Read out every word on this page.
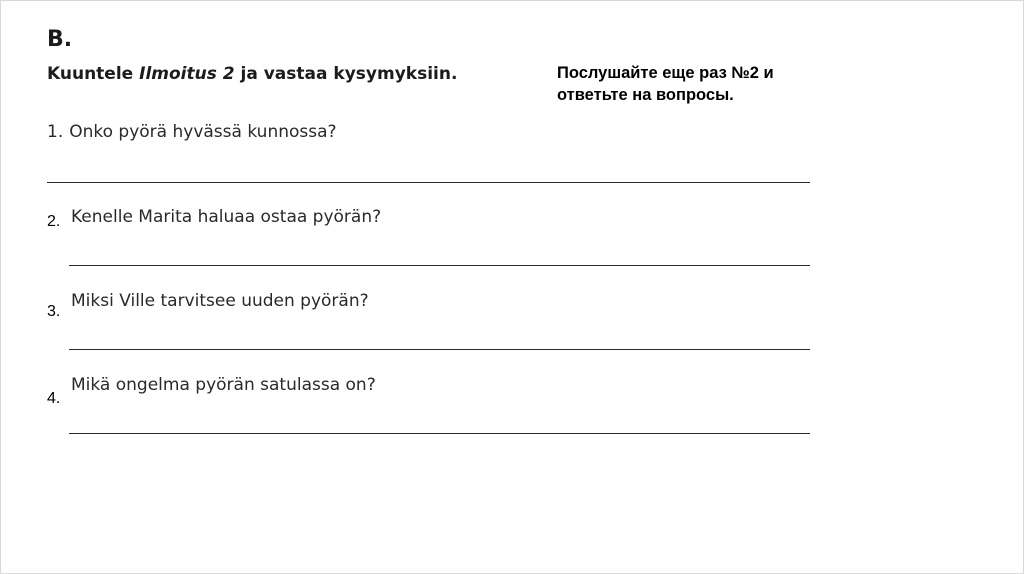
B.
Kuuntele Ilmoitus 2 ja vastaa kysymyksiin.	Послушайте еще раз №2 и
ответьте на вопросы.
1. Onko pyörä hyvässä kunnossa?
2. Kenelle Marita haluaa ostaa pyörän?
3.
Miksi Ville tarvitsee uuden pyörän?
4.
Mikä ongelma pyörän satulassa on?
